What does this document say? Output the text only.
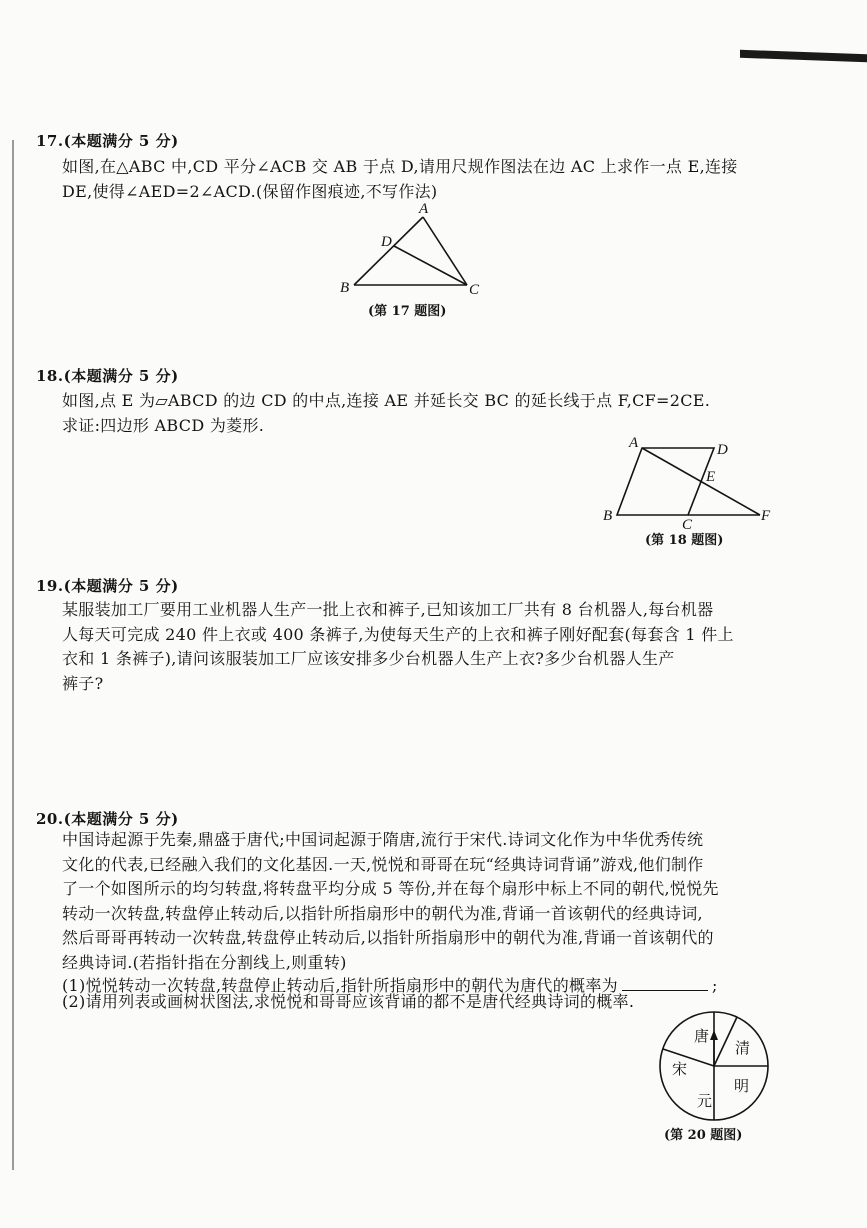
17.(本题满分 5 分)
如图,在△ABC 中,CD 平分∠ACB 交 AB 于点 D,请用尺规作图法在边 AC 上求作一点 E,连接
DE,使得∠AED=2∠ACD.(保留作图痕迹,不写作法)
A
D
B	C
(第 17 题图)
18.(本题满分 5 分)
如图,点 E 为▱ABCD 的边 CD 的中点,连接 AE 并延长交 BC 的延长线于点 F,CF=2CE.
求证:四边形 ABCD 为菱形.
A	D
E
B
C
F
(第 18 题图)
19.(本题满分 5 分)
某服装加工厂要用工业机器人生产一批上衣和裤子,已知该加工厂共有 8 台机器人,每台机器
人每天可完成 240 件上衣或 400 条裤子,为使每天生产的上衣和裤子刚好配套(每套含 1 件上
衣和 1 条裤子),请问该服装加工厂应该安排多少台机器人生产上衣?多少台机器人生产
裤子?
20.(本题满分 5 分)
中国诗起源于先秦,鼎盛于唐代;中国词起源于隋唐,流行于宋代.诗词文化作为中华优秀传统
文化的代表,已经融入我们的文化基因.一天,悦悦和哥哥在玩“经典诗词背诵”游戏,他们制作
了一个如图所示的均匀转盘,将转盘平均分成 5 等份,并在每个扇形中标上不同的朝代,悦悦先
转动一次转盘,转盘停止转动后,以指针所指扇形中的朝代为准,背诵一首该朝代的经典诗词,
然后哥哥再转动一次转盘,转盘停止转动后,以指针所指扇形中的朝代为准,背诵一首该朝代的
经典诗词.(若指针指在分割线上,则重转)
(1)悦悦转动一次转盘,转盘停止转动后,指针所指扇形中的朝代为唐代的概率为	;
(2)请用列表或画树状图法,求悦悦和哥哥应该背诵的都不是唐代经典诗词的概率.
唐
清
明
元
宋
(第 20 题图)
